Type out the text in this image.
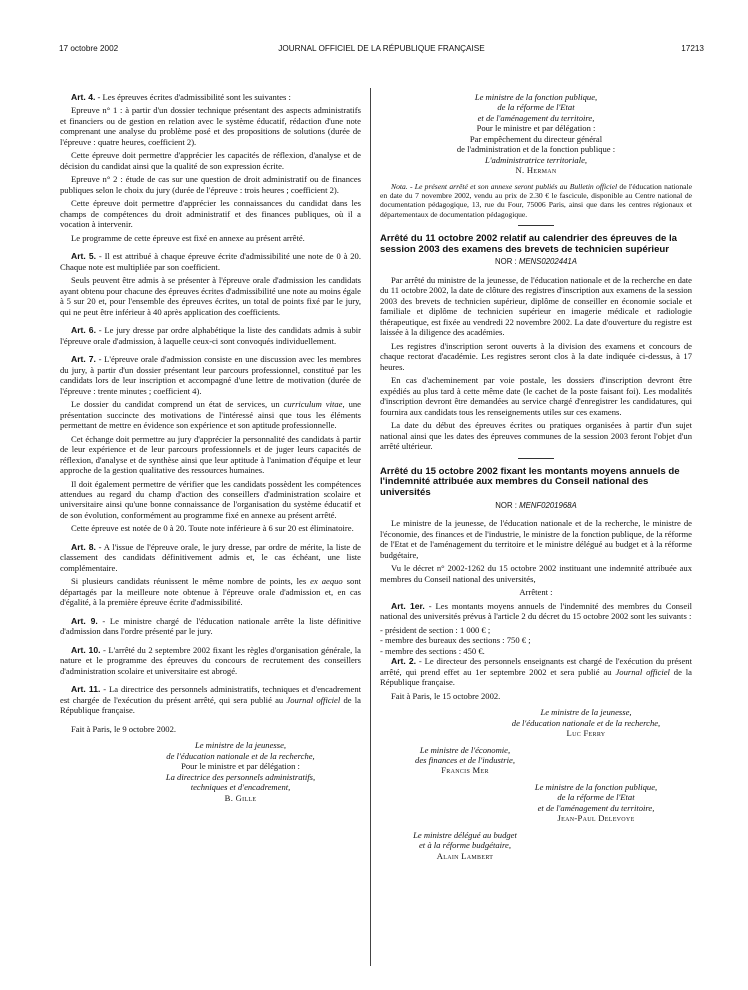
17 octobre 2002	JOURNAL OFFICIEL DE LA RÉPUBLIQUE FRANÇAISE	17213

Art. 4. - Les épreuves écrites d'admissibilité sont les suivantes :

Epreuve n° 1 : à partir d'un dossier technique présentant des aspects administratifs et financiers ou de gestion en relation avec le système éducatif, rédaction d'une note comprenant une analyse du problème posé et des propositions de solutions (durée de l'épreuve : quatre heures, coefficient 2).

Cette épreuve doit permettre d'apprécier les capacités de réflexion, d'analyse et de décision du candidat ainsi que la qualité de son expression écrite.

Epreuve n° 2 : étude de cas sur une question de droit administratif ou de finances publiques selon le choix du jury (durée de l'épreuve : trois heures ; coefficient 2).

Cette épreuve doit permettre d'apprécier les connaissances du candidat dans les champs de compétences du droit administratif et des finances publiques, où il a vocation à intervenir.

Le programme de cette épreuve est fixé en annexe au présent arrêté.

Art. 5. - Il est attribué à chaque épreuve écrite d'admissibilité une note de 0 à 20. Chaque note est multipliée par son coefficient.

Seuls peuvent être admis à se présenter à l'épreuve orale d'admission les candidats ayant obtenu pour chacune des épreuves écrites d'admissibilité une note au moins égale à 5 sur 20 et, pour l'ensemble des épreuves écrites, un total de points fixé par le jury, qui ne peut être inférieur à 40 après application des coefficients.

Art. 6. - Le jury dresse par ordre alphabétique la liste des candidats admis à subir l'épreuve orale d'admission, à laquelle ceux-ci sont convoqués individuellement.

Art. 7. - L'épreuve orale d'admission consiste en une discussion avec les membres du jury, à partir d'un dossier présentant leur parcours professionnel, constitué par les candidats lors de leur inscription et accompagné d'une lettre de motivation (durée de l'épreuve : trente minutes ; coefficient 4).

Le dossier du candidat comprend un état de services, un curriculum vitae, une présentation succincte des motivations de l'intéressé ainsi que tous les éléments permettant de mettre en évidence son expérience et son aptitude professionnelle.

Cet échange doit permettre au jury d'apprécier la personnalité des candidats à partir de leur expérience et de leur parcours professionnels et de juger leurs capacités de réflexion, d'analyse et de synthèse ainsi que leur aptitude à l'animation d'équipe et leur approche de la gestion qualitative des ressources humaines.

Il doit également permettre de vérifier que les candidats possèdent les compétences attendues au regard du champ d'action des conseillers d'administration scolaire et universitaire ainsi qu'une bonne connaissance de l'organisation du système éducatif et de son évolution, conformément au programme fixé en annexe au présent arrêté.

Cette épreuve est notée de 0 à 20. Toute note inférieure à 6 sur 20 est éliminatoire.

Art. 8. - A l'issue de l'épreuve orale, le jury dresse, par ordre de mérite, la liste de classement des candidats définitivement admis et, le cas échéant, une liste complémentaire.

Si plusieurs candidats réunissent le même nombre de points, les ex aequo sont départagés par la meilleure note obtenue à l'épreuve orale d'admission et, en cas d'égalité, à la première épreuve écrite d'admissibilité.

Art. 9. - Le ministre chargé de l'éducation nationale arrête la liste définitive d'admission dans l'ordre présenté par le jury.

Art. 10. - L'arrêté du 2 septembre 2002 fixant les règles d'organisation générale, la nature et le programme des épreuves du concours de recrutement des conseillers d'administration scolaire et universitaire est abrogé.

Art. 11. - La directrice des personnels administratifs, techniques et d'encadrement est chargée de l'exécution du présent arrêté, qui sera publié au Journal officiel de la République française.

Fait à Paris, le 9 octobre 2002.

Le ministre de la jeunesse,

de l'éducation nationale et de la recherche,

Pour le ministre et par délégation :

La directrice des personnels administratifs,

techniques et d'encadrement,

B. Gille

Le ministre de la fonction publique,

de la réforme de l'Etat

et de l'aménagement du territoire,

Pour le ministre et par délégation :

Par empêchement du directeur général

de l'administration et de la fonction publique :

L'administratrice territoriale,

N. Herman

Nota. - Le présent arrêté et son annexe seront publiés au Bulletin officiel de l'éducation nationale en date du 7 novembre 2002, vendu au prix de 2.30 € le fascicule, disponible au Centre national de documentation pédagogique, 13, rue du Four, 75006 Paris, ainsi que dans les centres régionaux et départementaux de documentation pédagogique.

Arrêté du 11 octobre 2002 relatif au calendrier des épreuves de la session 2003 des examens des brevets de technicien supérieur

NOR : MENS0202441A

Par arrêté du ministre de la jeunesse, de l'éducation nationale et de la recherche en date du 11 octobre 2002, la date de clôture des registres d'inscription aux examens de la session 2003 des brevets de technicien supérieur, diplôme de conseiller en économie sociale et familiale et diplôme de technicien supérieur en imagerie médicale et radiologie thérapeutique, est fixée au vendredi 22 novembre 2002. La date d'ouverture du registre est laissée à la diligence des académies.

Les registres d'inscription seront ouverts à la division des examens et concours de chaque rectorat d'académie. Les registres seront clos à la date indiquée ci-dessus, à 17 heures.

En cas d'acheminement par voie postale, les dossiers d'inscription devront être expédiés au plus tard à cette même date (le cachet de la poste faisant foi). Les modalités d'inscription devront être demandées au service chargé d'enregistrer les candidatures, qui fournira aux candidats tous les renseignements utiles sur ces examens.

La date du début des épreuves écrites ou pratiques organisées à partir d'un sujet national ainsi que les dates des épreuves communes de la session 2003 feront l'objet d'un arrêté ultérieur.

Arrêté du 15 octobre 2002 fixant les montants moyens annuels de l'indemnité attribuée aux membres du Conseil national des universités

NOR : MENF0201968A

Le ministre de la jeunesse, de l'éducation nationale et de la recherche, le ministre de l'économie, des finances et de l'industrie, le ministre de la fonction publique, de la réforme de l'Etat et de l'aménagement du territoire et le ministre délégué au budget et à la réforme budgétaire,

Vu le décret n° 2002-1262 du 15 octobre 2002 instituant une indemnité attribuée aux membres du Conseil national des universités,

Arrêtent :

Art. 1er. - Les montants moyens annuels de l'indemnité des membres du Conseil national des universités prévus à l'article 2 du décret du 15 octobre 2002 sont les suivants :

- président de section : 1 000 € ;

- membre des bureaux des sections : 750 € ;

- membre des sections : 450 €.

Art. 2. - Le directeur des personnels enseignants est chargé de l'exécution du présent arrêté, qui prend effet au 1er septembre 2002 et sera publié au Journal officiel de la République française.

Fait à Paris, le 15 octobre 2002.

Le ministre de la jeunesse,

de l'éducation nationale et de la recherche,

Luc Ferry

Le ministre de l'économie,

des finances et de l'industrie,

Francis Mer

Le ministre de la fonction publique,

de la réforme de l'Etat

et de l'aménagement du territoire,

Jean-Paul Delevoye

Le ministre délégué au budget

et à la réforme budgétaire,

Alain Lambert
